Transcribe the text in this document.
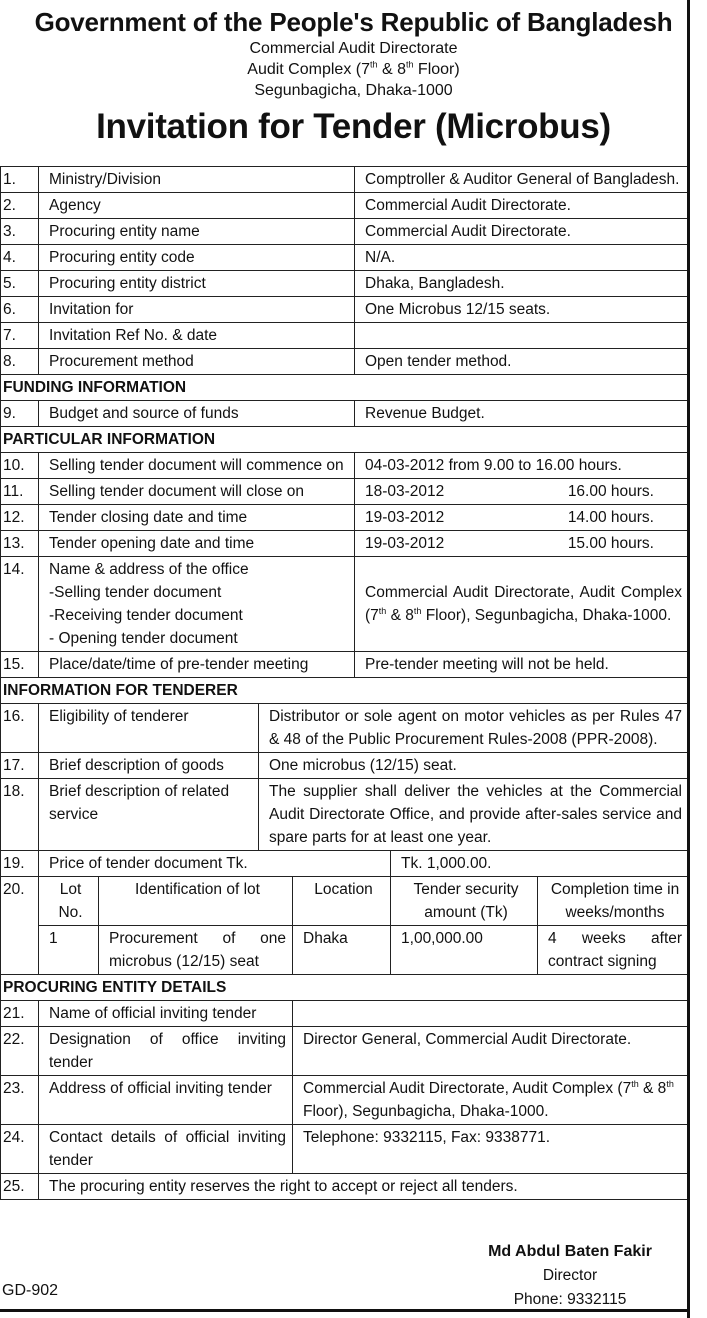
Government of the People's Republic of Bangladesh
Commercial Audit Directorate
Audit Complex (7th & 8th Floor)
Segunbagicha, Dhaka-1000
Invitation for Tender (Microbus)
1.	Ministry/Division	Comptroller & Auditor General of Bangladesh.
2.	Agency	Commercial Audit Directorate.
3.	Procuring entity name	Commercial Audit Directorate.
4.	Procuring entity code	N/A.
5.	Procuring entity district	Dhaka, Bangladesh.
6.	Invitation for	One Microbus 12/15 seats.
7.	Invitation Ref No. & date	
8.	Procurement method	Open tender method.
FUNDING INFORMATION		
9.	Budget and source of funds	Revenue Budget.
PARTICULAR INFORMATION		
10.	Selling tender document will commence on	04-03-2012 from 9.00 to 16.00 hours.
11.	Selling tender document will close on	18-03-2012 16.00 hours.

12.	Tender closing date and time	19-03-2012 14.00 hours.

13.	Tender opening date and time	19-03-2012 15.00 hours.

14.	Name & address of the office
-Selling tender document
-Receiving tender document
- Opening tender document	Commercial Audit Directorate, Audit Complex (7th & 8th Floor), Segunbagicha, Dhaka-1000.
15.	Place/date/time of pre-tender meeting	Pre-tender meeting will not be held.
INFORMATION FOR TENDERER		
16.	Eligibility of tenderer	Distributor or sole agent on motor vehicles as per Rules 47 & 48 of the Public Procurement Rules-2008 (PPR-2008).
17.	Brief description of goods	One microbus (12/15) seat.
18.	Brief description of related service	The supplier shall deliver the vehicles at the Commercial Audit Directorate Office, and provide after-sales service and spare parts for at least one year.
19.	Price of tender document Tk.			Tk. 1,000.00.	
20.	Lot No.	Identification of lot	Location	Tender security amount (Tk)	Completion time in weeks/months
	1	Procurement of one microbus (12/15) seat	Dhaka	1,00,000.00	4 weeks after contract signing
PROCURING ENTITY DETAILS					
21.	Name of official inviting tender	
22.	Designation of office inviting tender	Director General, Commercial Audit Directorate.
23.	Address of official inviting tender	Commercial Audit Directorate, Audit Complex (7th & 8th Floor), Segunbagicha, Dhaka-1000.
24.	Contact details of official inviting tender	Telephone: 9332115, Fax: 9338771.
25.	The procuring entity reserves the right to accept or reject all tenders.	
GD-902
Md Abdul Baten Fakir
Director
Phone: 9332115
